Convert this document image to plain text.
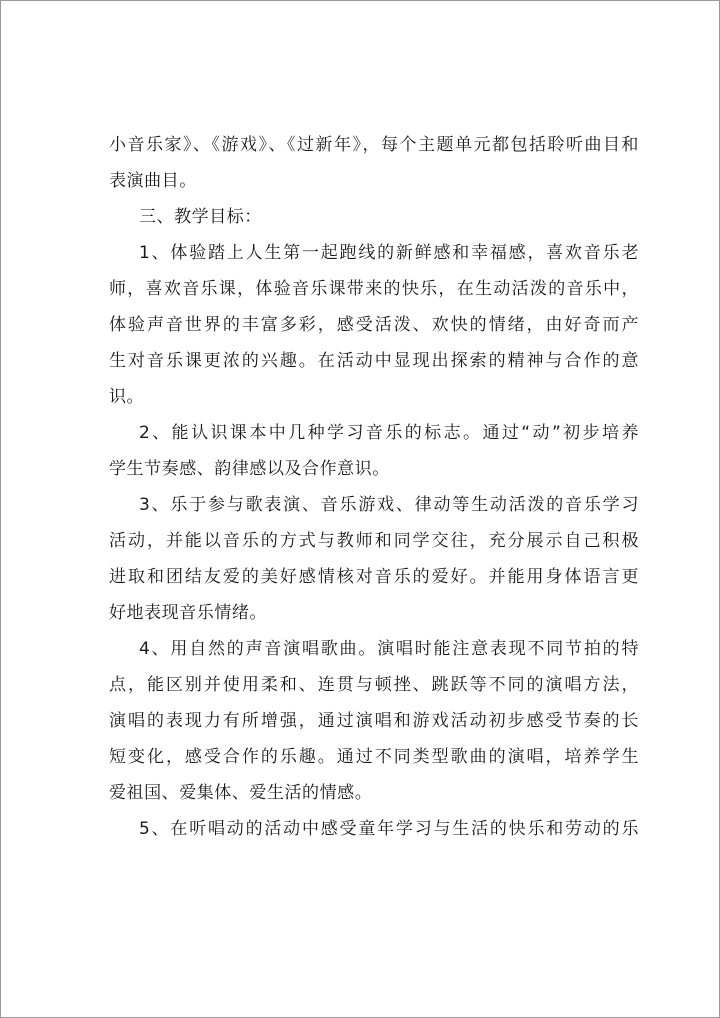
小音乐家》、《游戏》、《过新年》，每个主题单元都包括聆听曲目和
表演曲目。
三、教学目标：
1、体验踏上人生第一起跑线的新鲜感和幸福感，喜欢音乐老
师，喜欢音乐课，体验音乐课带来的快乐，在生动活泼的音乐中，
体验声音世界的丰富多彩，感受活泼、欢快的情绪，由好奇而产
生对音乐课更浓的兴趣。在活动中显现出探索的精神与合作的意
识。
2、能认识课本中几种学习音乐的标志。通过“动”初步培养
学生节奏感、韵律感以及合作意识。
3、乐于参与歌表演、音乐游戏、律动等生动活泼的音乐学习
活动，并能以音乐的方式与教师和同学交往，充分展示自己积极
进取和团结友爱的美好感情核对音乐的爱好。并能用身体语言更
好地表现音乐情绪。
4、用自然的声音演唱歌曲。演唱时能注意表现不同节拍的特
点，能区别并使用柔和、连贯与顿挫、跳跃等不同的演唱方法，
演唱的表现力有所增强，通过演唱和游戏活动初步感受节奏的长
短变化，感受合作的乐趣。通过不同类型歌曲的演唱，培养学生
爱祖国、爱集体、爱生活的情感。
5、在听唱动的活动中感受童年学习与生活的快乐和劳动的乐
